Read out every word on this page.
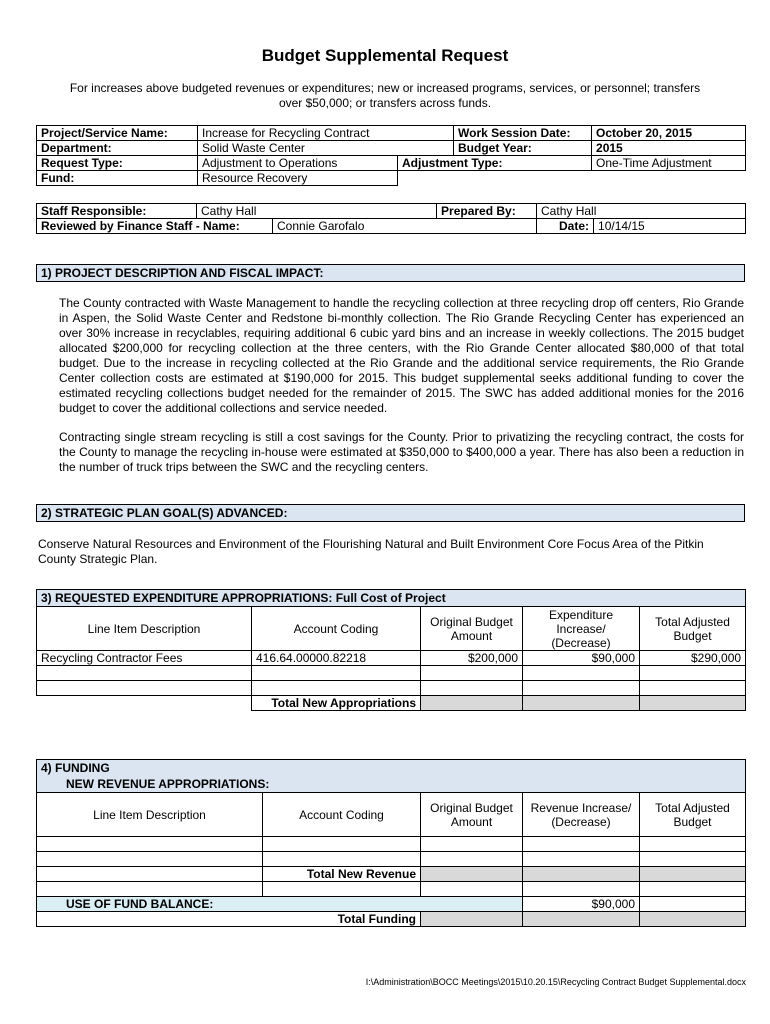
Budget Supplemental Request
For increases above budgeted revenues or expenditures; new or increased programs, services, or personnel; transfers over $50,000; or transfers across funds.
Project/Service Name:	Increase for Recycling Contract		Work Session Date:	October 20, 2015
Department:	Solid Waste Center		Budget Year:	2015
Request Type:	Adjustment to Operations	Adjustment Type:		One-Time Adjustment
Fund:	Resource Recovery			
Staff Responsible:	Cathy Hall		Prepared By:	Cathy Hall	
Reviewed by Finance Staff - Name:		Connie Garofalo		Date:	10/14/15
1) PROJECT DESCRIPTION AND FISCAL IMPACT:
The County contracted with Waste Management to handle the recycling collection at three recycling drop off centers, Rio Grande in Aspen, the Solid Waste Center and Redstone bi-monthly collection. The Rio Grande Recycling Center has experienced an over 30% increase in recyclables, requiring additional 6 cubic yard bins and an increase in weekly collections. The 2015 budget allocated $200,000 for recycling collection at the three centers, with the Rio Grande Center allocated $80,000 of that total budget. Due to the increase in recycling collected at the Rio Grande and the additional service requirements, the Rio Grande Center collection costs are estimated at $190,000 for 2015. This budget supplemental seeks additional funding to cover the estimated recycling collections budget needed for the remainder of 2015. The SWC has added additional monies for the 2016 budget to cover the additional collections and service needed.
Contracting single stream recycling is still a cost savings for the County. Prior to privatizing the recycling contract, the costs for the County to manage the recycling in-house were estimated at $350,000 to $400,000 a year. There has also been a reduction in the number of truck trips between the SWC and the recycling centers.
2) STRATEGIC PLAN GOAL(S) ADVANCED:
Conserve Natural Resources and Environment of the Flourishing Natural and Built Environment Core Focus Area of the Pitkin County Strategic Plan.
3) REQUESTED EXPENDITURE APPROPRIATIONS: Full Cost of Project				
Line Item Description	Account Coding	Original Budget Amount	Expenditure Increase/ (Decrease)	Total Adjusted Budget
Recycling Contractor Fees	416.64.00000.82218	$200,000	$90,000	$290,000

	Total New Appropriations			
4) FUNDING				
NEW REVENUE APPROPRIATIONS:				
Line Item Description	Account Coding	Original Budget Amount	Revenue Increase/ (Decrease)	Total Adjusted Budget

	Total New Revenue			

USE OF FUND BALANCE:			$90,000	
Total Funding				
I:\Administration\BOCC Meetings\2015\10.20.15\Recycling Contract Budget Supplemental.docx
